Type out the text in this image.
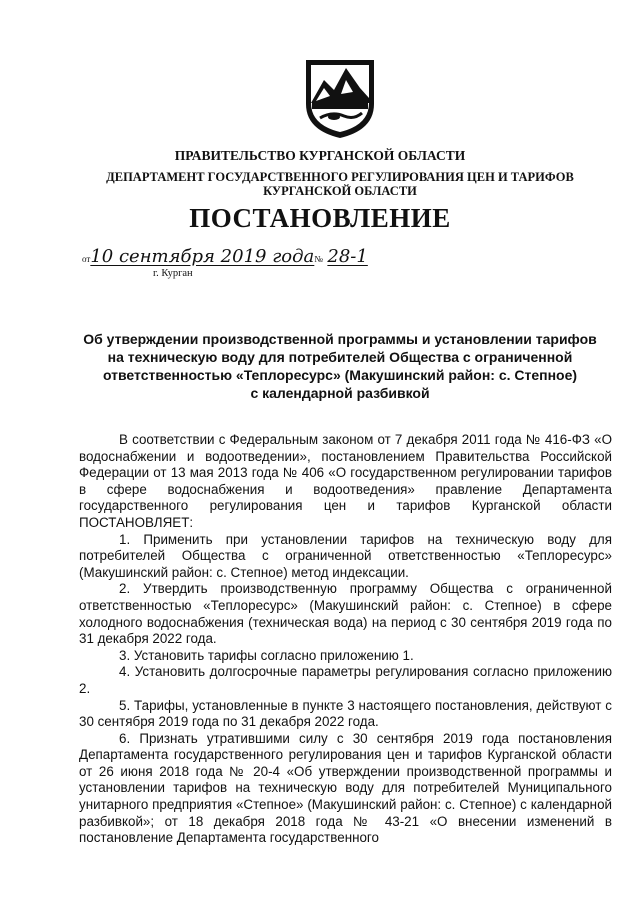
ПРАВИТЕЛЬСТВО КУРГАНСКОЙ ОБЛАСТИ
ДЕПАРТАМЕНТ ГОСУДАРСТВЕННОГО РЕГУЛИРОВАНИЯ ЦЕН И ТАРИФОВ
КУРГАНСКОЙ ОБЛАСТИ
ПОСТАНОВЛЕНИЕ
от10 сентября 2019 года№ 28-1
г. Курган
Об утверждении производственной программы и установлении тарифов
на техническую воду для потребителей Общества с ограниченной
ответственностью «Теплоресурс» (Макушинский район: с. Степное)
с календарной разбивкой

В соответствии с Федеральным законом от 7 декабря 2011 года № 416-ФЗ «О водоснабжении и водоотведении», постановлением Правительства Российской Федерации от 13 мая 2013 года № 406 «О государственном регулировании тарифов в сфере водоснабжения и водоотведения» правление Департамента государственного регулирования цен и тарифов Курганской области ПОСТАНОВЛЯЕТ:

1. Применить при установлении тарифов на техническую воду для потребителей Общества с ограниченной ответственностью «Теплоресурс» (Макушинский район: с. Степное) метод индексации.

2. Утвердить производственную программу Общества с ограниченной ответственностью «Теплоресурс» (Макушинский район: с. Степное) в сфере холодного водоснабжения (техническая вода) на период с 30 сентября 2019 года по 31 декабря 2022 года.

3. Установить тарифы согласно приложению 1.

4. Установить долгосрочные параметры регулирования согласно приложению 2.

5. Тарифы, установленные в пункте 3 настоящего постановления, действуют с 30 сентября 2019 года по 31 декабря 2022 года.

6. Признать утратившими силу с 30 сентября 2019 года постановления Департамента государственного регулирования цен и тарифов Курганской области от 26 июня 2018 года № 20-4 «Об утверждении производственной программы и установлении тарифов на техническую воду для потребителей Муниципального унитарного предприятия «Степное» (Макушинский район: с. Степное) с календарной разбивкой»; от 18 декабря 2018 года № 43-21 «О внесении изменений в постановление Департамента государственного
